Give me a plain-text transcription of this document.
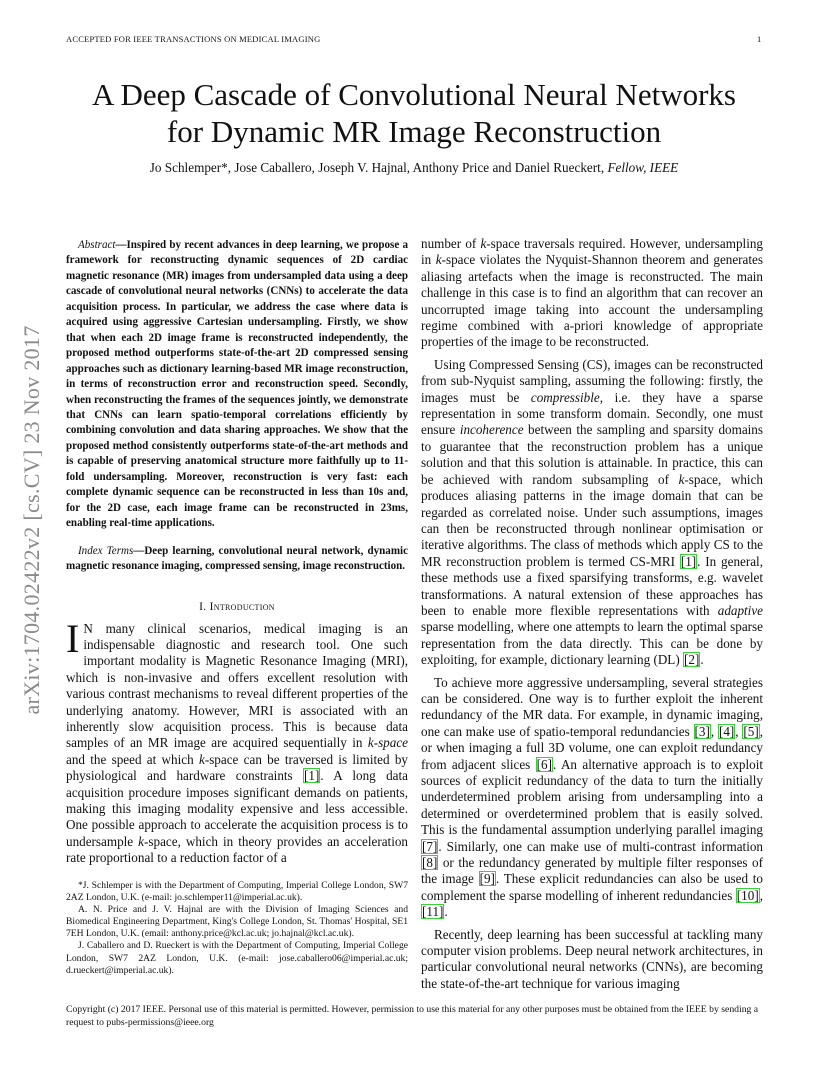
ACCEPTED FOR IEEE TRANSACTIONS ON MEDICAL IMAGING	1
A Deep Cascade of Convolutional Neural Networks
for Dynamic MR Image Reconstruction
Jo Schlemper*, Jose Caballero, Joseph V. Hajnal, Anthony Price and Daniel Rueckert, Fellow, IEEE
arXiv:1704.02422v2 [cs.CV] 23 Nov 2017

Abstract—Inspired by recent advances in deep learning, we propose a framework for reconstructing dynamic sequences of 2D cardiac magnetic resonance (MR) images from undersampled data using a deep cascade of convolutional neural networks (CNNs) to accelerate the data acquisition process. In particular, we address the case where data is acquired using aggressive Cartesian undersampling. Firstly, we show that when each 2D image frame is reconstructed independently, the proposed method outperforms state-of-the-art 2D compressed sensing approaches such as dictionary learning-based MR image reconstruction, in terms of reconstruction error and reconstruction speed. Secondly, when reconstructing the frames of the sequences jointly, we demonstrate that CNNs can learn spatio-temporal correlations efficiently by combining convolution and data sharing approaches. We show that the proposed method consistently outperforms state-of-the-art methods and is capable of preserving anatomical structure more faithfully up to 11-fold undersampling. Moreover, reconstruction is very fast: each complete dynamic sequence can be reconstructed in less than 10s and, for the 2D case, each image frame can be reconstructed in 23ms, enabling real-time applications.

Index Terms—Deep learning, convolutional neural network, dynamic magnetic resonance imaging, compressed sensing, image reconstruction.

I. Introduction

I N many clinical scenarios, medical imaging is an indispensable diagnostic and research tool. One such important modality is Magnetic Resonance Imaging (MRI), which is non-invasive and offers excellent resolution with various contrast mechanisms to reveal different properties of the underlying anatomy. However, MRI is associated with an inherently slow acquisition process. This is because data samples of an MR image are acquired sequentially in k-space and the speed at which k-space can be traversed is limited by physiological and hardware constraints [1]. A long data acquisition procedure imposes significant demands on patients, making this imaging modality expensive and less accessible. One possible approach to accelerate the acquisition process is to undersample k-space, which in theory provides an acceleration rate proportional to a reduction factor of a

*J. Schlemper is with the Department of Computing, Imperial College London, SW7 2AZ London, U.K. (e-mail: jo.schlemper11@imperial.ac.uk).

A. N. Price and J. V. Hajnal are with the Division of Imaging Sciences and Biomedical Engineering Department, King's College London, St. Thomas' Hospital, SE1 7EH London, U.K. (email: anthony.price@kcl.ac.uk; jo.hajnal@kcl.ac.uk).

J. Caballero and D. Rueckert is with the Department of Computing, Imperial College London, SW7 2AZ London, U.K. (e-mail: jose.caballero06@imperial.ac.uk; d.rueckert@imperial.ac.uk).

number of k-space traversals required. However, undersampling in k-space violates the Nyquist-Shannon theorem and generates aliasing artefacts when the image is reconstructed. The main challenge in this case is to find an algorithm that can recover an uncorrupted image taking into account the undersampling regime combined with a-priori knowledge of appropriate properties of the image to be reconstructed.

Using Compressed Sensing (CS), images can be reconstructed from sub-Nyquist sampling, assuming the following: firstly, the images must be compressible, i.e. they have a sparse representation in some transform domain. Secondly, one must ensure incoherence between the sampling and sparsity domains to guarantee that the reconstruction problem has a unique solution and that this solution is attainable. In practice, this can be achieved with random subsampling of k-space, which produces aliasing patterns in the image domain that can be regarded as correlated noise. Under such assumptions, images can then be reconstructed through nonlinear optimisation or iterative algorithms. The class of methods which apply CS to the MR reconstruction problem is termed CS-MRI [1]. In general, these methods use a fixed sparsifying transforms, e.g. wavelet transformations. A natural extension of these approaches has been to enable more flexible representations with adaptive sparse modelling, where one attempts to learn the optimal sparse representation from the data directly. This can be done by exploiting, for example, dictionary learning (DL) [2].

To achieve more aggressive undersampling, several strategies can be considered. One way is to further exploit the inherent redundancy of the MR data. For example, in dynamic imaging, one can make use of spatio-temporal redundancies [3], [4], [5], or when imaging a full 3D volume, one can exploit redundancy from adjacent slices [6]. An alternative approach is to exploit sources of explicit redundancy of the data to turn the initially underdetermined problem arising from undersampling into a determined or overdetermined problem that is easily solved. This is the fundamental assumption underlying parallel imaging [7]. Similarly, one can make use of multi-contrast information [8] or the redundancy generated by multiple filter responses of the image [9]. These explicit redundancies can also be used to complement the sparse modelling of inherent redundancies [10], [11].

Recently, deep learning has been successful at tackling many computer vision problems. Deep neural network architectures, in particular convolutional neural networks (CNNs), are becoming the state-of-the-art technique for various imaging

Copyright (c) 2017 IEEE. Personal use of this material is permitted. However, permission to use this material for any other purposes must be obtained from the IEEE by sending a request to pubs-permissions@ieee.org
